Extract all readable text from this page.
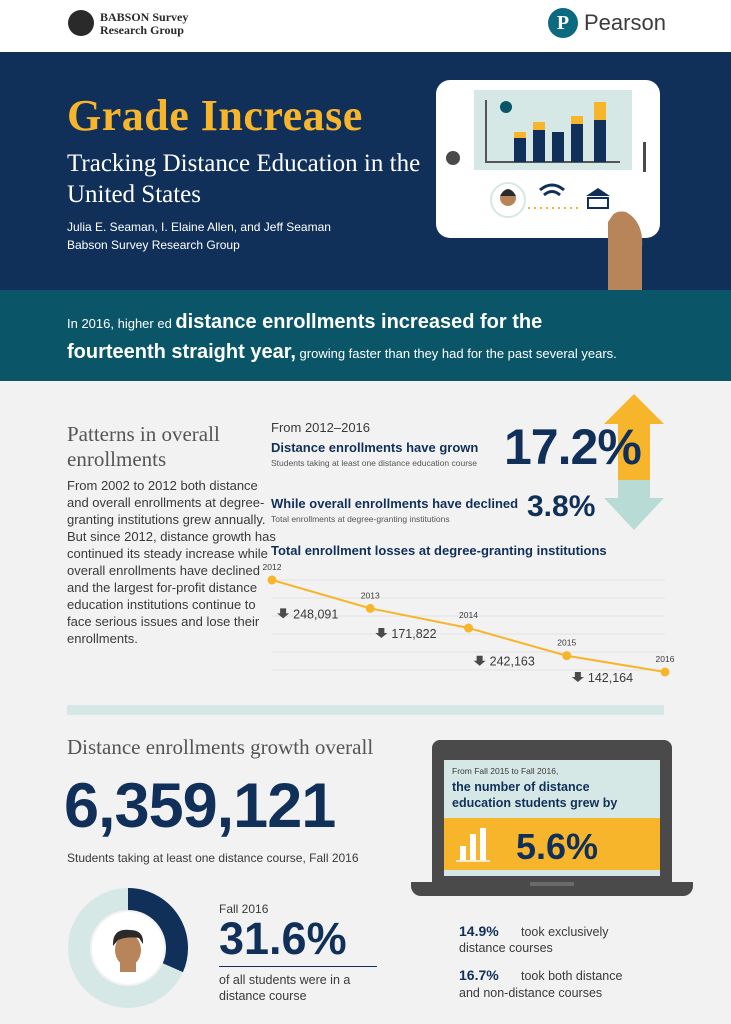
BABSON Survey
Research Group	P Pearson
Grade Increase
Tracking Distance Education in the United States
Julia E. Seaman, I. Elaine Allen, and Jeff Seaman
Babson Survey Research Group
In 2016, higher ed distance enrollments increased for the
fourteenth straight year, growing faster than they had for the past several years.
Patterns in overall enrollments
From 2002 to 2012 both distance and overall enrollments at degree-granting institutions grew annually. But since 2012, distance growth has continued its steady increase while overall enrollments have declined and the largest for-profit distance education institutions continue to face serious issues and lose their enrollments.
From 2012–2016
Distance enrollments have grown
Students taking at least one distance education course 17.2%
While overall enrollments have declined
Total enrollments at degree-granting institutions	3.8%
Total enrollment losses at degree-granting institutions
2012
2013
2014
2015
2016
248,091
171,822
242,163
142,164
Distance enrollments growth overall
6,359,121
Students taking at least one distance course, Fall 2016
From Fall 2015 to Fall 2016,
the number of distance education students grew by
5.6%
Fall 2016
31.6%
of all students were in a distance course
14.9% took exclusively
distance courses
16.7% took both distance
and non-distance courses
